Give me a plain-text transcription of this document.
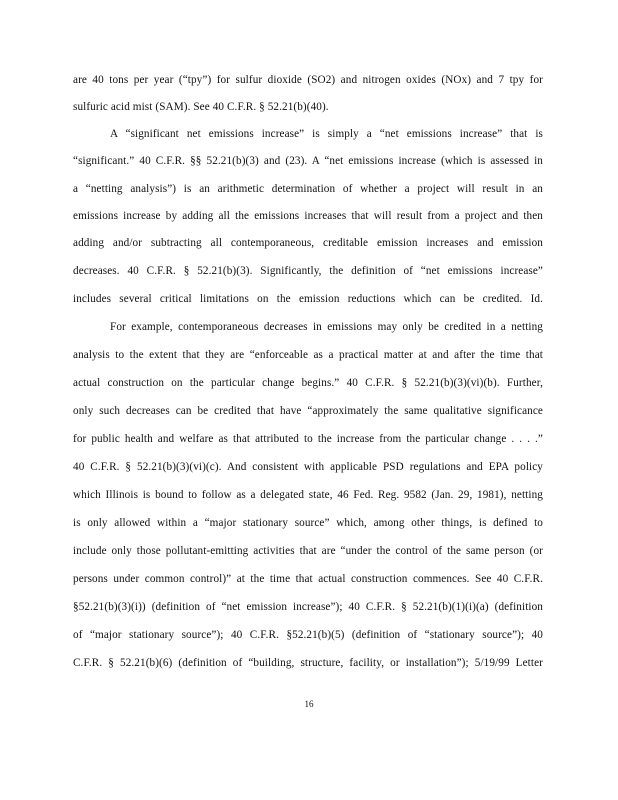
are 40 tons per year (“tpy”) for sulfur dioxide (SO2) and nitrogen oxides (NOx) and 7 tpy for
sulfuric acid mist (SAM). See 40 C.F.R. § 52.21(b)(40).
A “significant net emissions increase” is simply a “net emissions increase” that is
“significant.” 40 C.F.R. §§ 52.21(b)(3) and (23). A “net emissions increase (which is assessed in
a “netting analysis”) is an arithmetic determination of whether a project will result in an
emissions increase by adding all the emissions increases that will result from a project and then
adding and/or subtracting all contemporaneous, creditable emission increases and emission
decreases. 40 C.F.R. § 52.21(b)(3). Significantly, the definition of “net emissions increase”
includes several critical limitations on the emission reductions which can be credited. Id.
For example, contemporaneous decreases in emissions may only be credited in a netting
analysis to the extent that they are “enforceable as a practical matter at and after the time that
actual construction on the particular change begins.” 40 C.F.R. § 52.21(b)(3)(vi)(b). Further,
only such decreases can be credited that have “approximately the same qualitative significance
for public health and welfare as that attributed to the increase from the particular change . . . .”
40 C.F.R. § 52.21(b)(3)(vi)(c). And consistent with applicable PSD regulations and EPA policy
which Illinois is bound to follow as a delegated state, 46 Fed. Reg. 9582 (Jan. 29, 1981), netting
is only allowed within a “major stationary source” which, among other things, is defined to
include only those pollutant-emitting activities that are “under the control of the same person (or
persons under common control)” at the time that actual construction commences. See 40 C.F.R.
§52.21(b)(3)(i)) (definition of “net emission increase”); 40 C.F.R. § 52.21(b)(1)(i)(a) (definition
of “major stationary source”); 40 C.F.R. §52.21(b)(5) (definition of “stationary source”); 40
C.F.R. § 52.21(b)(6) (definition of “building, structure, facility, or installation”); 5/19/99 Letter
16
